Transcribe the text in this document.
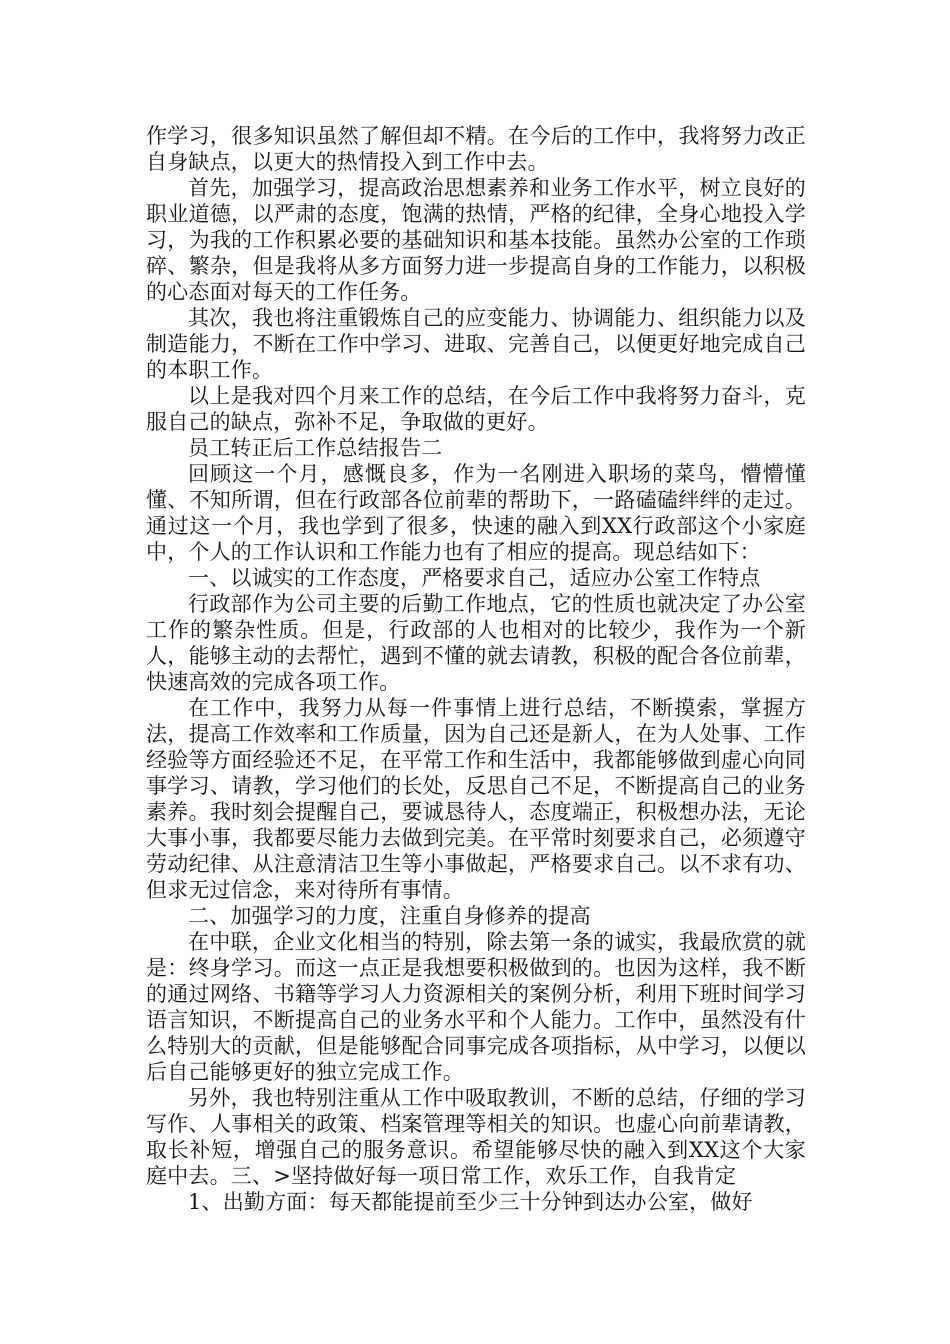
作学习，很多知识虽然了解但却不精。在今后的工作中，我将努力改正自身缺点，以更大的热情投入到工作中去。

首先，加强学习，提高政治思想素养和业务工作水平，树立良好的职业道德，以严肃的态度，饱满的热情，严格的纪律，全身心地投入学习，为我的工作积累必要的基础知识和基本技能。虽然办公室的工作琐碎、繁杂，但是我将从多方面努力进一步提高自身的工作能力，以积极的心态面对每天的工作任务。

其次，我也将注重锻炼自己的应变能力、协调能力、组织能力以及制造能力，不断在工作中学习、进取、完善自己，以便更好地完成自己的本职工作。

以上是我对四个月来工作的总结，在今后工作中我将努力奋斗，克服自己的缺点，弥补不足，争取做的更好。

员工转正后工作总结报告二

回顾这一个月，感慨良多，作为一名刚进入职场的菜鸟，懵懵懂懂、不知所谓，但在行政部各位前辈的帮助下，一路磕磕绊绊的走过。通过这一个月，我也学到了很多，快速的融入到XX行政部这个小家庭中，个人的工作认识和工作能力也有了相应的提高。现总结如下：

一、以诚实的工作态度，严格要求自己，适应办公室工作特点

行政部作为公司主要的后勤工作地点，它的性质也就决定了办公室工作的繁杂性质。但是，行政部的人也相对的比较少，我作为一个新人，能够主动的去帮忙，遇到不懂的就去请教，积极的配合各位前辈，快速高效的完成各项工作。

在工作中，我努力从每一件事情上进行总结，不断摸索，掌握方法，提高工作效率和工作质量，因为自己还是新人，在为人处事、工作经验等方面经验还不足，在平常工作和生活中，我都能够做到虚心向同事学习、请教，学习他们的长处，反思自己不足，不断提高自己的业务素养。我时刻会提醒自己，要诚恳待人，态度端正，积极想办法，无论大事小事，我都要尽能力去做到完美。在平常时刻要求自己，必须遵守劳动纪律、从注意清洁卫生等小事做起，严格要求自己。以不求有功、但求无过信念，来对待所有事情。

二、加强学习的力度，注重自身修养的提高

在中联，企业文化相当的特别，除去第一条的诚实，我最欣赏的就是：终身学习。而这一点正是我想要积极做到的。也因为这样，我不断的通过网络、书籍等学习人力资源相关的案例分析，利用下班时间学习语言知识，不断提高自己的业务水平和个人能力。工作中，虽然没有什么特别大的贡献，但是能够配合同事完成各项指标，从中学习，以便以后自己能够更好的独立完成工作。

另外，我也特别注重从工作中吸取教训，不断的总结，仔细的学习写作、人事相关的政策、档案管理等相关的知识。也虚心向前辈请教，取长补短，增强自己的服务意识。希望能够尽快的融入到XX这个大家庭中去。三、>坚持做好每一项日常工作，欢乐工作，自我肯定

1、出勤方面：每天都能提前至少三十分钟到达办公室，做好
